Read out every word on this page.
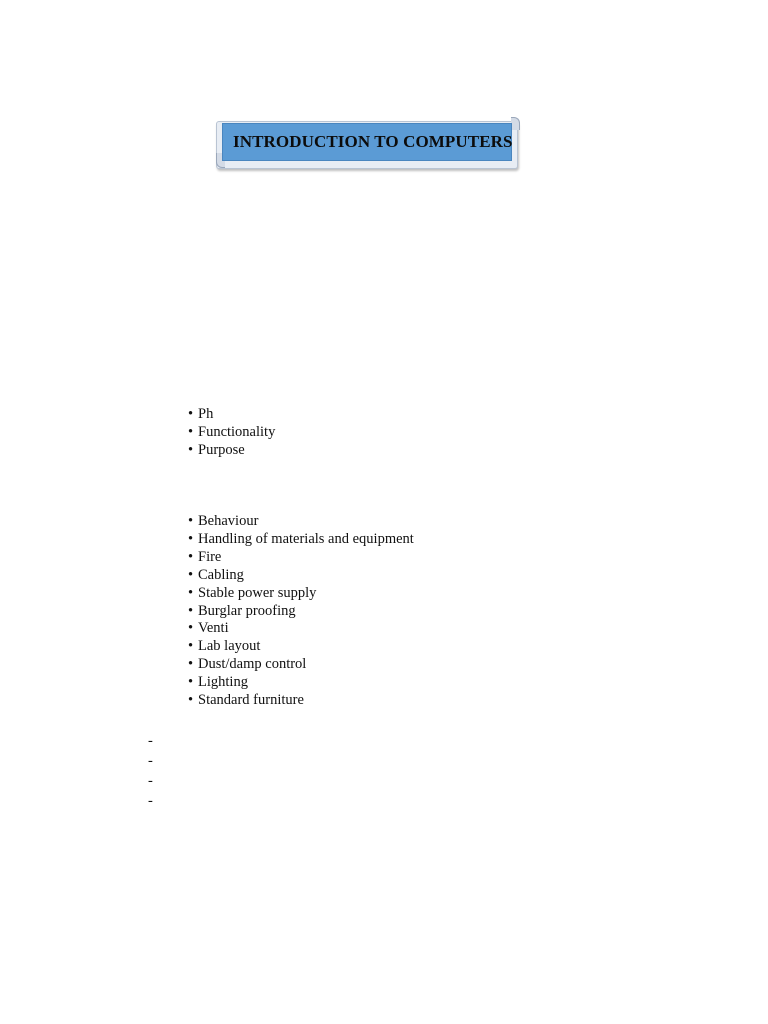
INTRODUCTION TO COMPUTERS
• Ph
• Functionality
• Purpose
• Behaviour
• Handling of materials and equipment
• Fire
• Cabling
• Stable power supply
• Burglar proofing
• Venti
• Lab layout
• Dust/damp control
• Lighting
• Standard furniture
-
-
-
-
